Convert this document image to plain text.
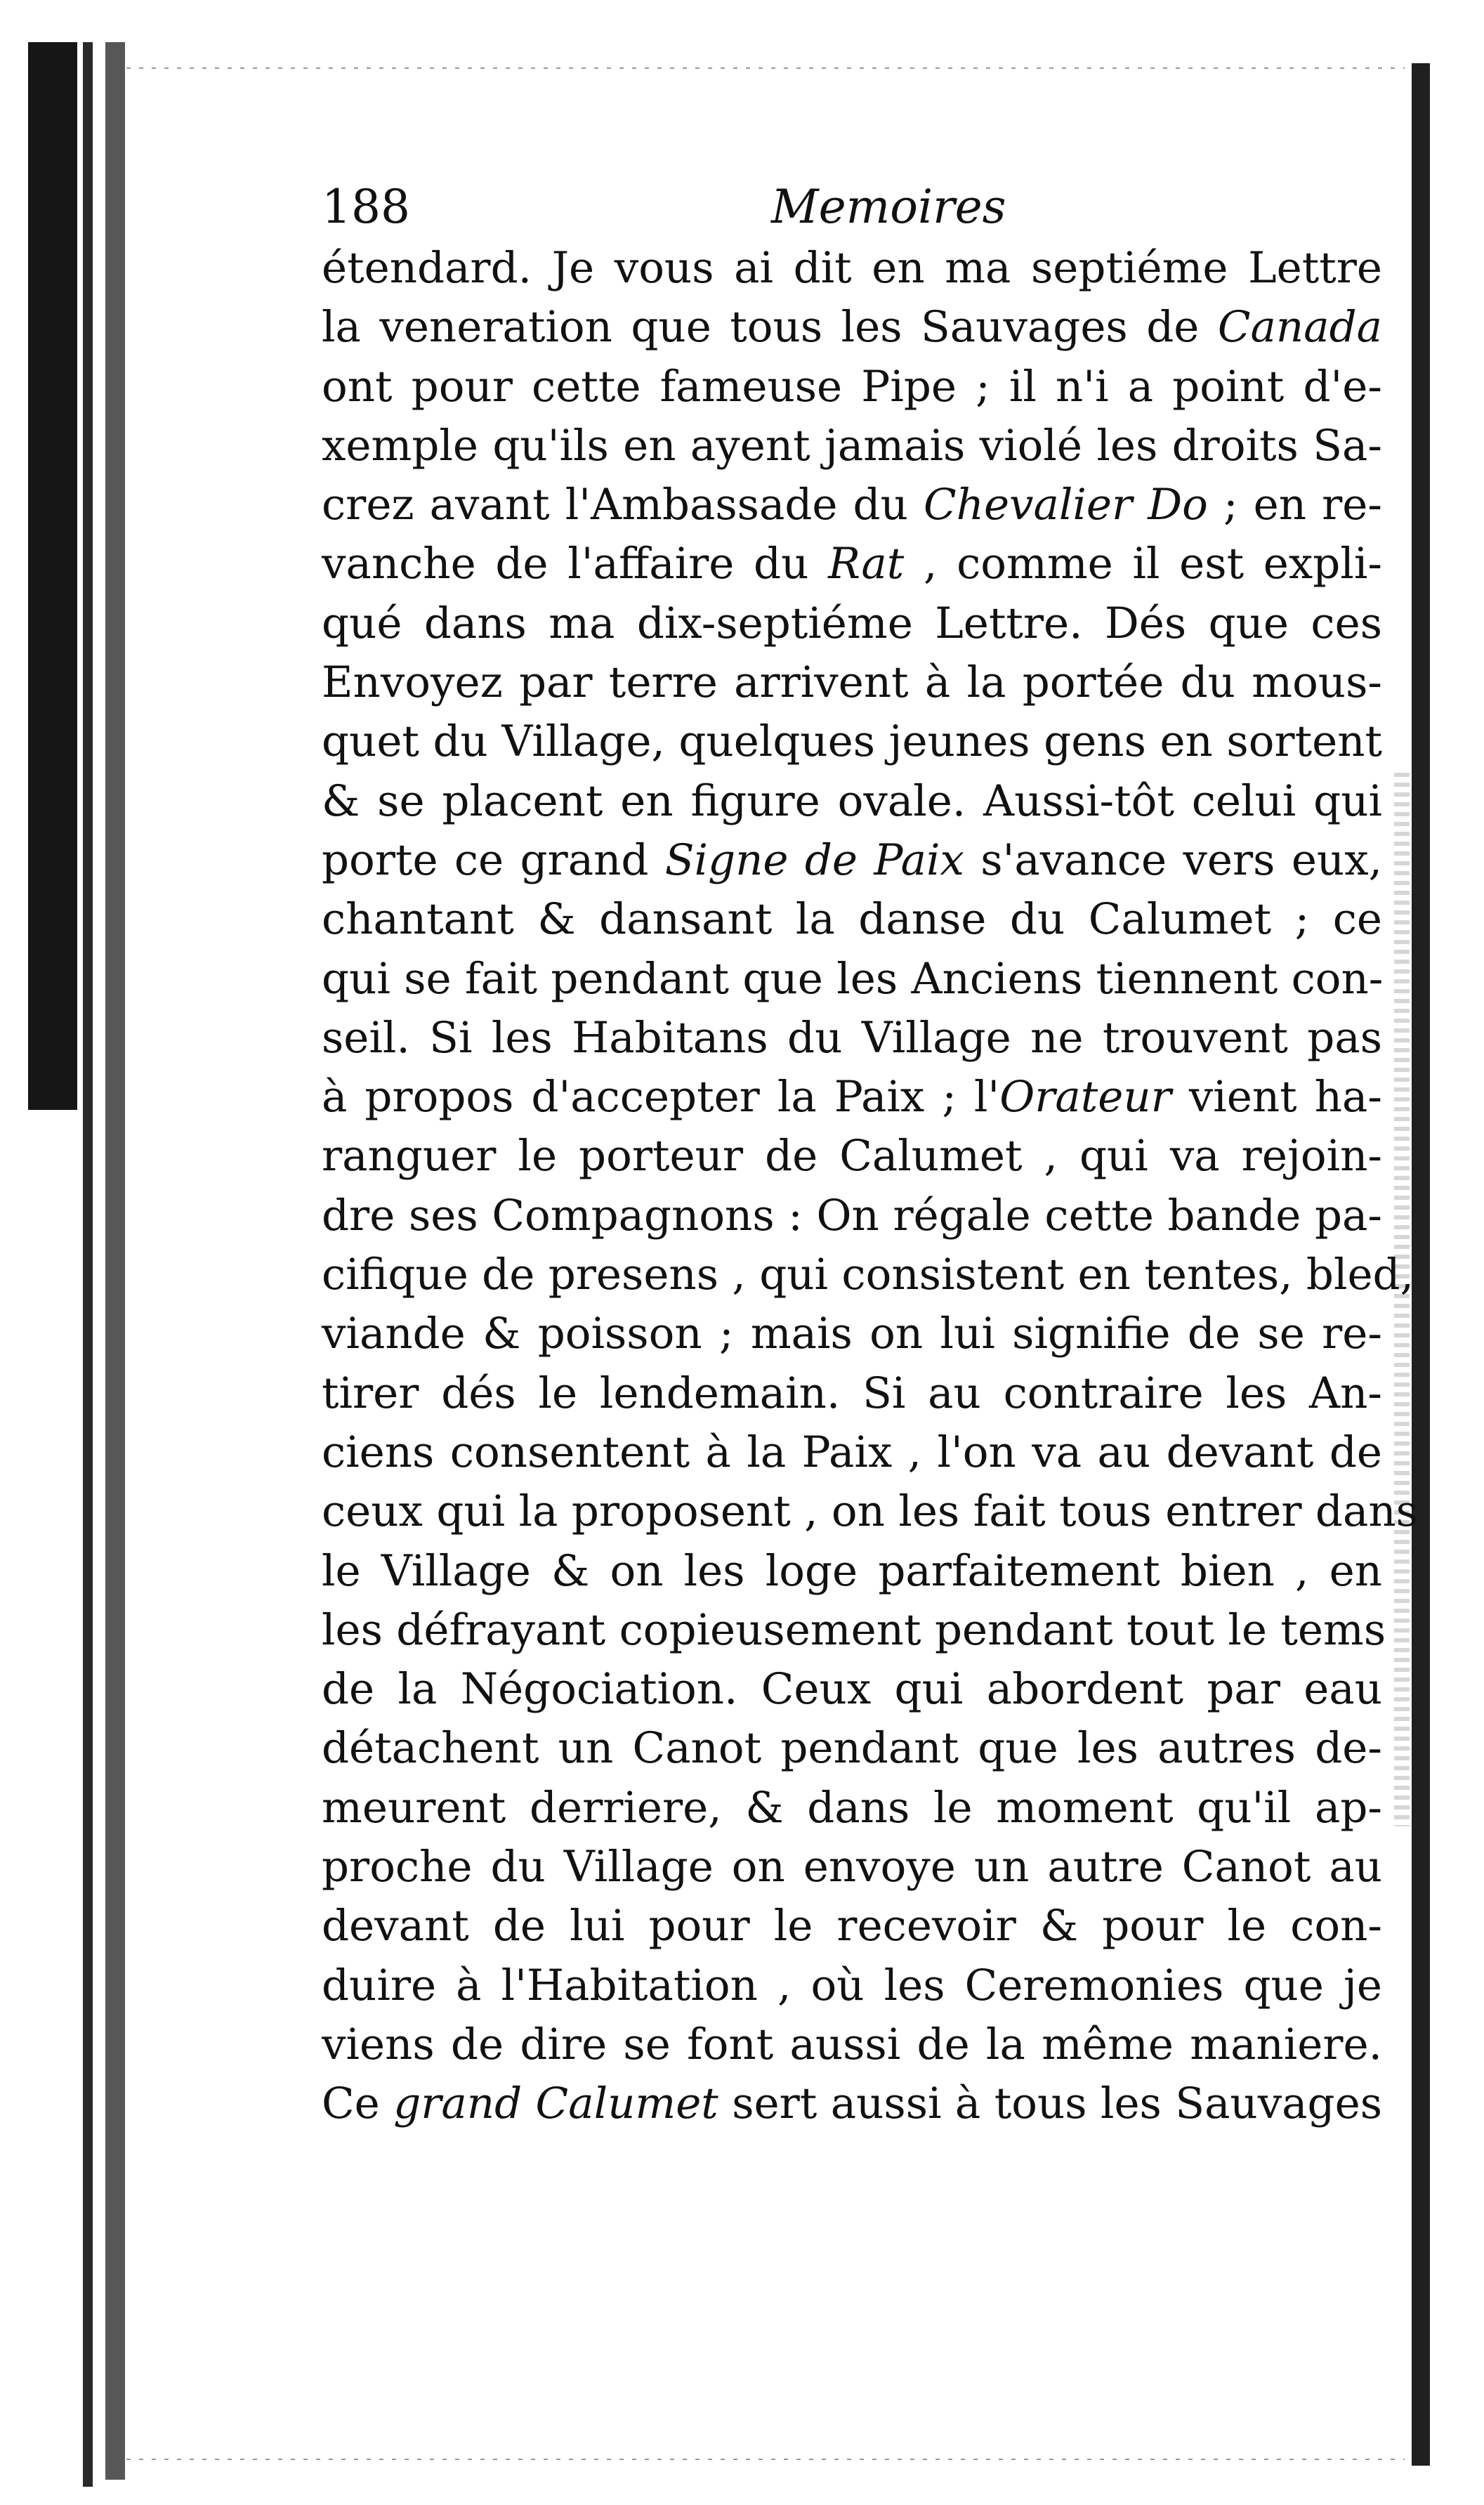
188	Memoires
étendard. Je vous ai dit en ma septiéme Lettre
la veneration que tous les Sauvages de Canada
ont pour cette fameuse Pipe ; il n'i a point d'e-
xemple qu'ils en ayent jamais violé les droits Sa-
crez avant l'Ambassade du Chevalier Do ; en re-
vanche de l'affaire du Rat , comme il est expli-
qué dans ma dix-septiéme Lettre. Dés que ces
Envoyez par terre arrivent à la portée du mous-
quet du Village, quelques jeunes gens en sortent
& se placent en figure ovale. Aussi-tôt celui qui
porte ce grand Signe de Paix s'avance vers eux,
chantant & dansant la danse du Calumet ; ce
qui se fait pendant que les Anciens tiennent con-
seil. Si les Habitans du Village ne trouvent pas
à propos d'accepter la Paix ; l'Orateur vient ha-
ranguer le porteur de Calumet , qui va rejoin-
dre ses Compagnons : On régale cette bande pa-
cifique de presens , qui consistent en tentes, bled,
viande & poisson ; mais on lui signifie de se re-
tirer dés le lendemain. Si au contraire les An-
ciens consentent à la Paix , l'on va au devant de
ceux qui la proposent , on les fait tous entrer dans
le Village & on les loge parfaitement bien , en
les défrayant copieusement pendant tout le tems
de la Négociation. Ceux qui abordent par eau
détachent un Canot pendant que les autres de-
meurent derriere, & dans le moment qu'il ap-
proche du Village on envoye un autre Canot au
devant de lui pour le recevoir & pour le con-
duire à l'Habitation , où les Ceremonies que je
viens de dire se font aussi de la même maniere.
Ce grand Calumet sert aussi à tous les Sauvages
